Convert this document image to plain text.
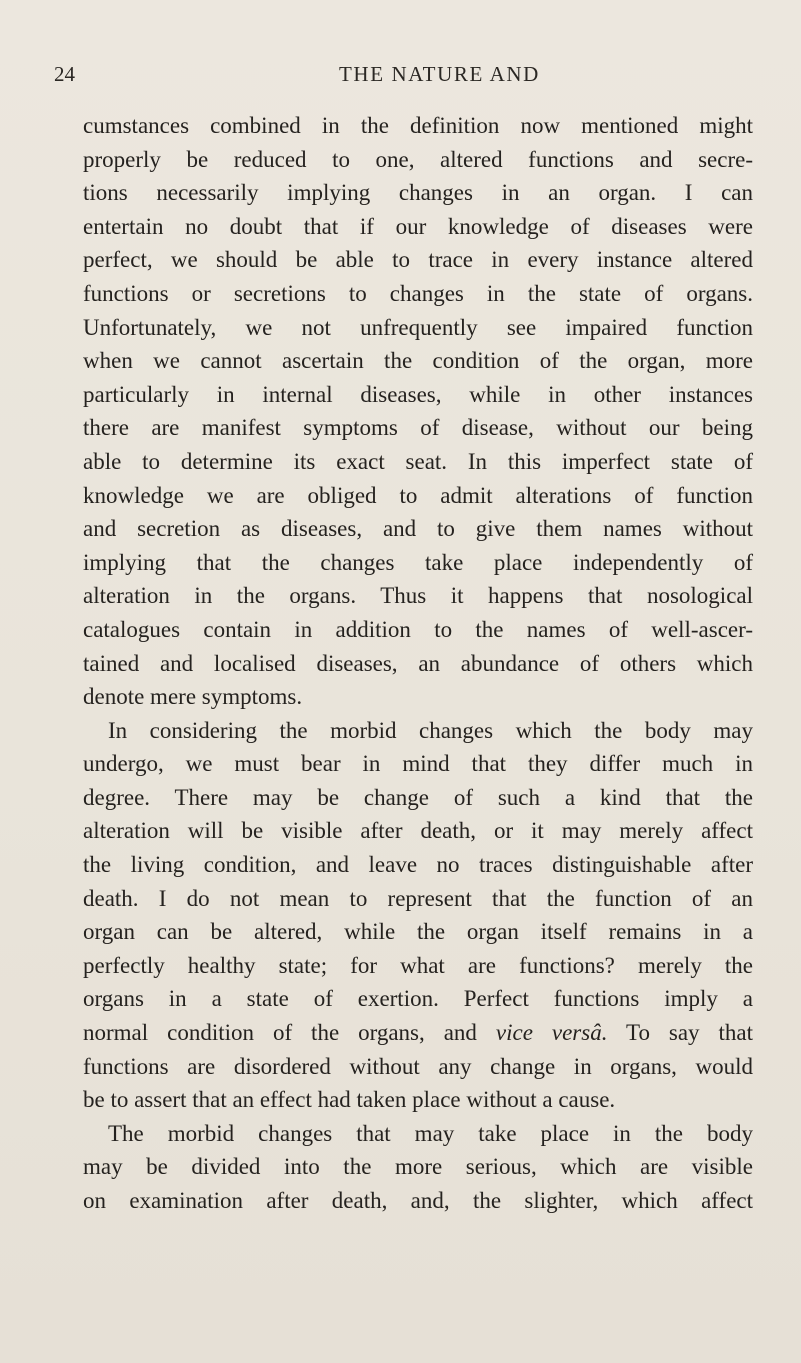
24	THE NATURE AND
cumstances combined in the definition now mentioned might
properly be reduced to one, altered functions and secre-
tions necessarily implying changes in an organ. I can
entertain no doubt that if our knowledge of diseases were
perfect, we should be able to trace in every instance altered
functions or secretions to changes in the state of organs.
Unfortunately, we not unfrequently see impaired function
when we cannot ascertain the condition of the organ, more
particularly in internal diseases, while in other instances
there are manifest symptoms of disease, without our being
able to determine its exact seat. In this imperfect state of
knowledge we are obliged to admit alterations of function
and secretion as diseases, and to give them names without
implying that the changes take place independently of
alteration in the organs. Thus it happens that nosological
catalogues contain in addition to the names of well-ascer-
tained and localised diseases, an abundance of others which
denote mere symptoms.
In considering the morbid changes which the body may
undergo, we must bear in mind that they differ much in
degree. There may be change of such a kind that the
alteration will be visible after death, or it may merely affect
the living condition, and leave no traces distinguishable after
death. I do not mean to represent that the function of an
organ can be altered, while the organ itself remains in a
perfectly healthy state; for what are functions? merely the
organs in a state of exertion. Perfect functions imply a
normal condition of the organs, and vice versâ. To say that
functions are disordered without any change in organs, would
be to assert that an effect had taken place without a cause.
The morbid changes that may take place in the body
may be divided into the more serious, which are visible
on examination after death, and, the slighter, which affect
